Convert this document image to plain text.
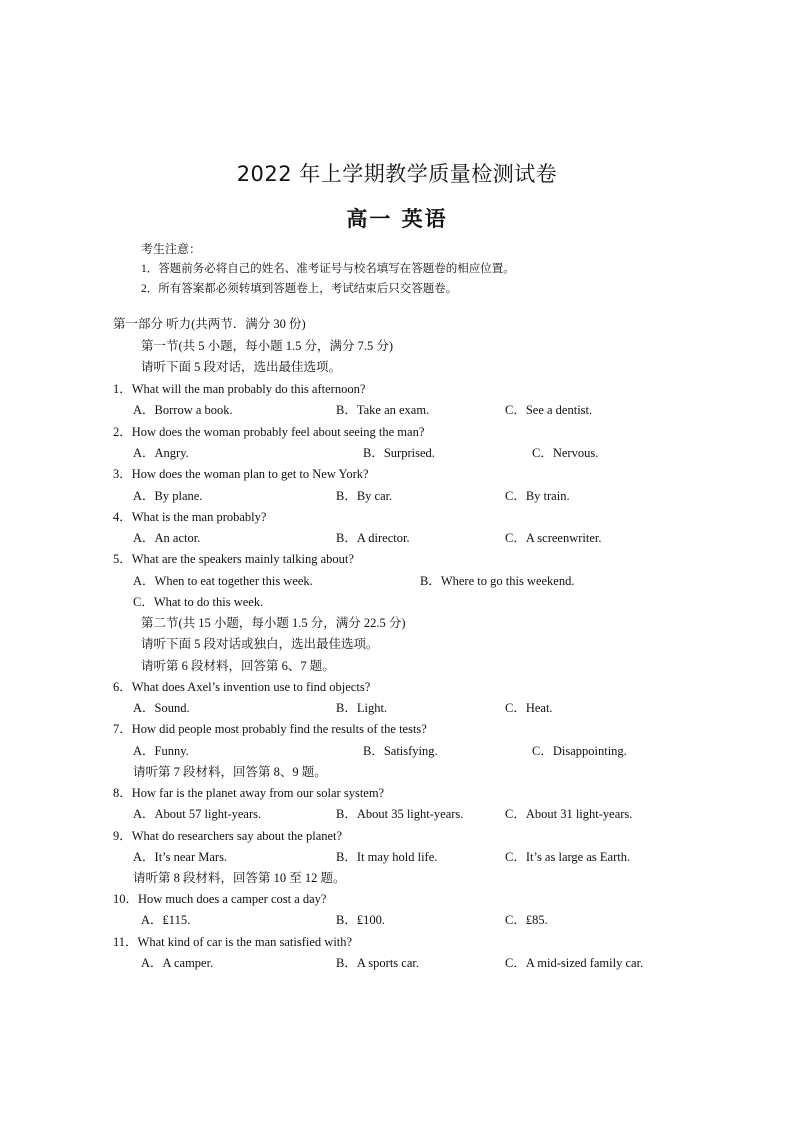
2022 年上学期教学质量检测试卷
高一 英语
考生注意：
1．答题前务必将自己的姓名、准考证号与校名填写在答题卷的相应位置。
2．所有答案都必须转填到答题卷上，考试结束后只交答题卷。
第一部分 听力(共两节．满分 30 份)
第一节(共 5 小题，每小题 1.5 分，满分 7.5 分)
请听下面 5 段对话，选出最佳选项。
1．What will the man probably do this afternoon?
A．Borrow a book.	B．Take an exam.	C．See a dentist.
2．How does the woman probably feel about seeing the man?
A．Angry.	B．Surprised.	C．Nervous.
3．How does the woman plan to get to New York?
A．By plane.	B．By car.	C．By train.
4．What is the man probably?
A．An actor.	B．A director.	C．A screenwriter.
5．What are the speakers mainly talking about?
A．When to eat together this week.	B．Where to go this weekend.
C．What to do this week.
第二节(共 15 小题，每小题 1.5 分，满分 22.5 分)
请听下面 5 段对话或独白，选出最佳选项。
请听第 6 段材料，回答第 6、7 题。
6．What does Axel’s invention use to find objects?
A．Sound.	B．Light.	C．Heat.
7．How did people most probably find the results of the tests?
A．Funny.	B．Satisfying.	C．Disappointing.
请听第 7 段材料，回答第 8、9 题。
8．How far is the planet away from our solar system?
A．About 57 light-years.	B．About 35 light-years.	C．About 31 light-years.
9．What do researchers say about the planet?
A．It’s near Mars.	B．It may hold life.	C．It’s as large as Earth.
请听第 8 段材料，回答第 10 至 12 题。
10．How much does a camper cost a day?
A．₤115.	B．₤100.	C．₤85.
11．What kind of car is the man satisfied with?
A．A camper.	B．A sports car.	C．A mid-sized family car.
